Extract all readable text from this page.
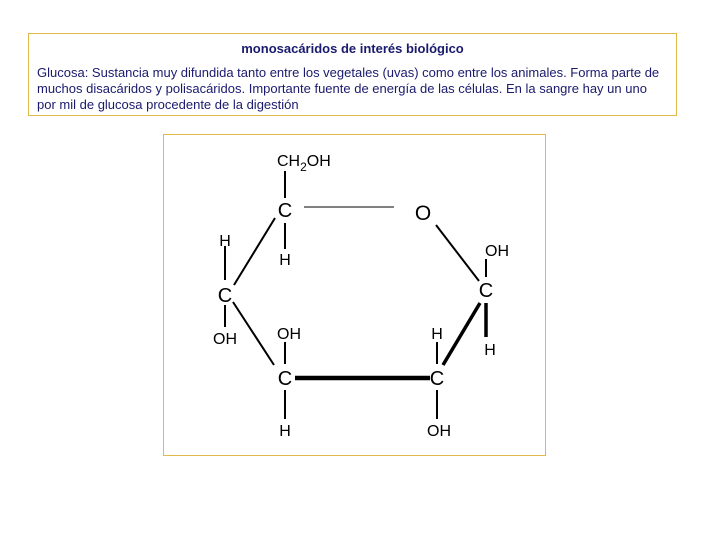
monosacáridos de interés biológico
Glucosa: Sustancia muy difundida tanto entre los vegetales (uvas) como entre los animales. Forma parte de muchos disacáridos y polisacáridos. Importante fuente de energía de las células. En la sangre hay un uno por mil de glucosa procedente de la digestión
$CH_2OH$
C	O
H
H
OH
C	C
OH	OH	H
H
C	C
H	OH
